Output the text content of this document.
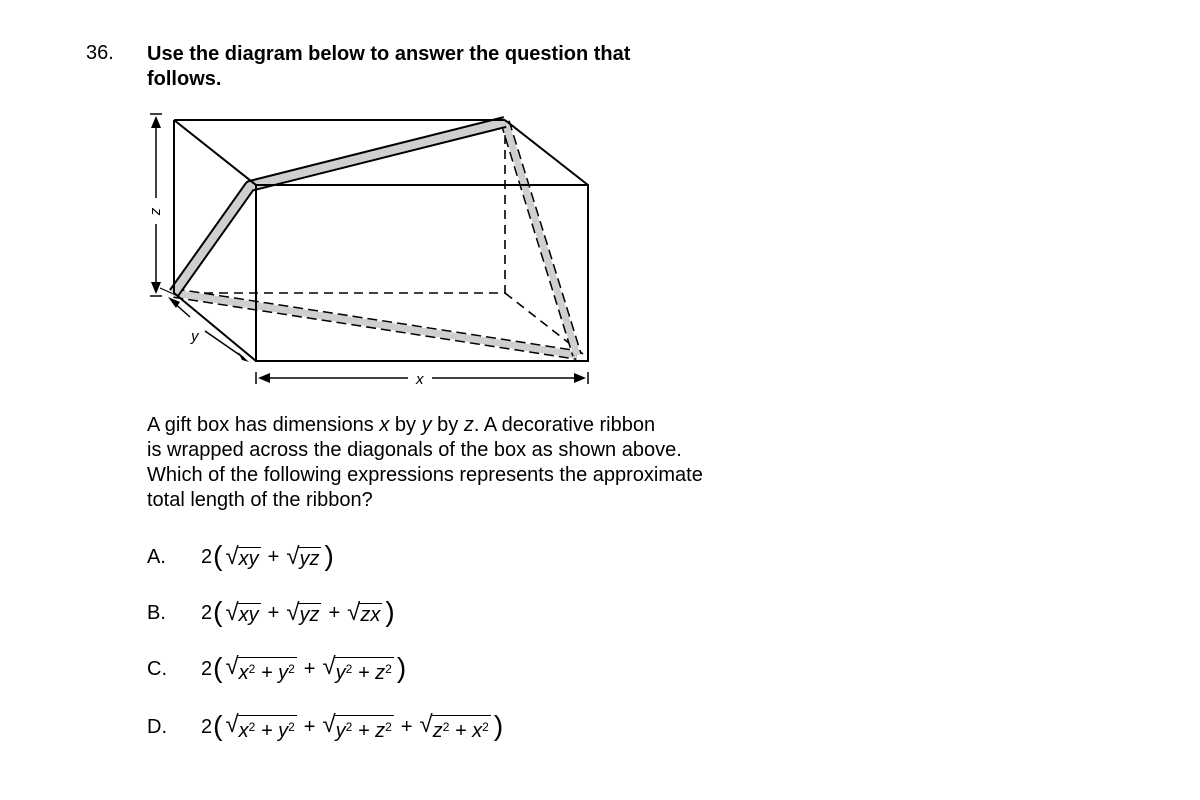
36. Use the diagram below to answer the question that follows.
z
y
x
A gift box has dimensions x by y by z. A decorative ribbon
is wrapped across the diagonals of the box as shown above.
Which of the following expressions represents the approximate
total length of the ribbon?
A.	2 ( √ xy + √ yz )
B.	2 ( √ xy + √ yz + √ zx )
C.	2 ( √ $x^2 + y^2$ + √ $y^2 + z^2$ )
D.	2 ( √ $x^2 + y^2$ + √ $y^2 + z^2$ + √ $z^2 + x^2$ )
